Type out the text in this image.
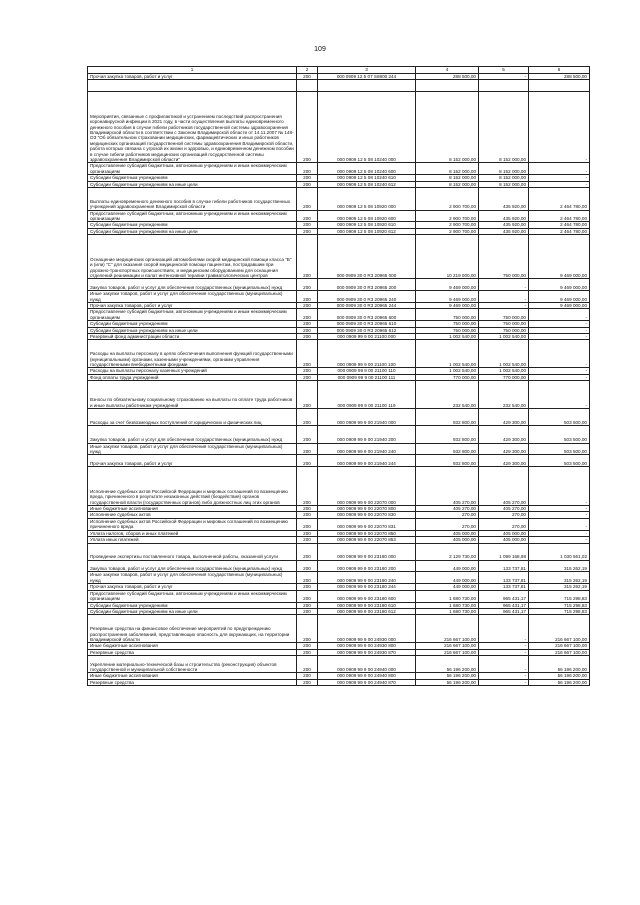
109
1	2	3	4	5	6
Прочая закупка товаров, работ и услуг	200	000 0909 12 5 07 S8800 244	288 500,00	-	288 500,00

Мероприятия, связанные с профилактикой и устранением последствий распространения коронавирусной инфекции в 2021 году, в части осуществления выплаты единовременного денежного пособия в случае гибели работников государственной системы здравоохранения Владимирской области в соответствии с Законом Владимирской области от 14.11.2007 № 148-ОЗ "Об обязательном страховании медицинских, фармацевтических и иных работников медицинских организаций государственной системы здравоохранения Владимирской области, работа которых связана с угрозой их жизни и здоровью, и единовременном денежном пособии в случае гибели работников медицинских организаций государственной системы здравоохранения Владимирской области"	200	000 0909 12 5 08 10240 000	8 152 000,00	8 152 000,00	-
Предоставление субсидий бюджетным, автономным учреждениям и иным некоммерческим организациям	200	000 0909 12 5 08 10240 600	8 152 000,00	8 152 000,00	-
Субсидии бюджетным учреждениям	200	000 0909 12 5 08 10240 610	8 152 000,00	8 152 000,00	-
Субсидии бюджетным учреждениям на иные цели	200	000 0909 12 5 08 10240 612	8 152 000,00	8 152 000,00	-
Выплаты единовременного денежного пособия в случае гибели работников государственных учреждений здравоохранения Владимирской области	200	000 0909 12 5 08 10920 000	2 900 700,00	435 920,00	2 464 780,00
Предоставление субсидий бюджетным, автономным учреждениям и иным некоммерческим организациям	200	000 0909 12 5 08 10920 600	2 900 700,00	435 920,00	2 464 780,00
Субсидии бюджетным учреждениям	200	000 0909 12 5 08 10920 610	2 900 700,00	435 920,00	2 464 780,00
Субсидии бюджетным учреждениям на иные цели	200	000 0909 12 5 08 10920 612	2 900 700,00	435 920,00	2 464 780,00
Оснащение медицинских организаций автомобилями скорой медицинской помощи класса "В" и (или) "С" для оказания скорой медицинской помощи пациентам, пострадавшим при дорожно-транспортных происшествиях, и медицинским оборудованием для оснащения отделений реанимации и палат интенсивной терапии травматологических центров	200	000 0909 30 0 R3 20965 000	10 219 000,00	750 000,00	9 469 000,00
Закупка товаров, работ и услуг для обеспечения государственных (муниципальных) нужд	200	000 0909 30 0 R3 20965 200	9 469 000,00	-	9 469 000,00
Иные закупки товаров, работ и услуг для обеспечения государственных (муниципальных) нужд	200	000 0909 30 0 R3 20965 240	9 469 000,00	-	9 469 000,00
Прочая закупка товаров, работ и услуг	200	000 0909 30 0 R3 20965 244	9 469 000,00	-	9 469 000,00
Предоставление субсидий бюджетным, автономным учреждениям и иным некоммерческим организациям	200	000 0909 30 0 R3 20965 600	750 000,00	750 000,00	-
Субсидии бюджетным учреждениям	200	000 0909 30 0 R3 20965 610	750 000,00	750 000,00	-
Субсидии бюджетным учреждениям на иные цели	200	000 0909 30 0 R3 20965 612	750 000,00	750 000,00	-
Резервный фонд администрации области	200	000 0909 99 9 00 21100 000	1 002 540,00	1 002 540,00	-
Расходы на выплаты персоналу в целях обеспечения выполнения функций государственными (муниципальными) органами, казенными учреждениями, органами управления государственными внебюджетными фондами	200	000 0909 99 9 00 21100 100	1 002 540,00	1 002 540,00	-
Расходы на выплаты персоналу казенных учреждений	200	000 0909 99 9 00 21100 110	1 002 540,00	1 002 540,00	-
Фонд оплаты труда учреждений	200	000 0909 99 9 00 21100 111	770 000,00	770 000,00	-
Взносы по обязательному социальному страхованию на выплаты по оплате труда работников и иные выплаты работникам учреждений	200	000 0909 99 9 00 21100 119	232 540,00	232 540,00	-
Расходы за счет безвозмездных поступлений от юридических и физических лиц	200	000 0909 99 9 00 21940 000	932 800,00	429 300,00	503 500,00
Закупка товаров, работ и услуг для обеспечения государственных (муниципальных) нужд	200	000 0909 99 9 00 21940 200	932 800,00	429 300,00	503 500,00
Иные закупки товаров, работ и услуг для обеспечения государственных (муниципальных) нужд	200	000 0909 99 9 00 21940 240	932 800,00	429 300,00	503 500,00
Прочая закупка товаров, работ и услуг	200	000 0909 99 9 00 21940 244	932 800,00	429 300,00	503 500,00
Исполнение судебных актов Российской Федерации и мировых соглашений по возмещению вреда, причиненного в результате незаконных действий (бездействия) органов государственной власти (государственных органов) либо должностных лиц этих органов	200	000 0909 99 9 00 22070 000	405 270,00	405 270,00	-
Иные бюджетные ассигнования	200	000 0909 99 9 00 22070 800	405 270,00	405 270,00	-
Исполнение судебных актов	200	000 0909 99 9 00 22070 830	270,00	270,00	-
Исполнение судебных актов Российской Федерации и мировых соглашений по возмещению причиненного вреда	200	000 0909 99 9 00 22070 831	270,00	270,00	-
Уплата налогов, сборов и иных платежей	200	000 0909 99 9 00 22070 850	405 000,00	405 000,00	-
Уплата иных платежей	200	000 0909 99 9 00 22070 853	405 000,00	405 000,00	-
Проведение экспертизы поставленного товара, выполненной работы, оказанной услуги	200	000 0909 99 9 00 23180 000	2 129 730,00	1 099 168,98	1 030 561,02
Закупка товаров, работ и услуг для обеспечения государственных (муниципальных) нужд	200	000 0909 99 9 00 23180 200	449 000,00	133 737,81	315 262,19
Иные закупки товаров, работ и услуг для обеспечения государственных (муниципальных) нужд	200	000 0909 99 9 00 23180 240	449 000,00	133 737,81	315 262,19
Прочая закупка товаров, работ и услуг	200	000 0909 99 9 00 23180 244	449 000,00	133 737,81	315 262,19
Предоставление субсидий бюджетным, автономным учреждениям и иным некоммерческим организациям	200	000 0909 99 9 00 23180 600	1 680 730,00	965 431,17	715 298,83
Субсидии бюджетным учреждениям	200	000 0909 99 9 00 23180 610	1 680 730,00	965 431,17	715 298,83
Субсидии бюджетным учреждениям на иные цели	200	000 0909 99 9 00 23180 612	1 680 730,00	965 431,17	715 298,83
Резервные средства на финансовое обеспечение мероприятий по предупреждению распространения заболеваний, представляющих опасность для окружающих, на территории Владимирской области	200	000 0909 99 9 00 24930 000	216 667 100,00	-	216 667 100,00
Иные бюджетные ассигнования	200	000 0909 99 9 00 24930 800	216 667 100,00	-	216 667 100,00
Резервные средства	200	000 0909 99 9 00 24930 870	216 667 100,00	-	216 667 100,00
Укрепление материально-технической базы и строительство (реконструкция) объектов государственной и муниципальной собственности	200	000 0909 99 9 00 24940 000	56 196 200,00	-	56 196 200,00
Иные бюджетные ассигнования	200	000 0909 99 9 00 24940 800	56 196 200,00	-	56 196 200,00
Резервные средства	200	000 0909 99 9 00 24940 870	56 196 200,00	-	56 196 200,00
